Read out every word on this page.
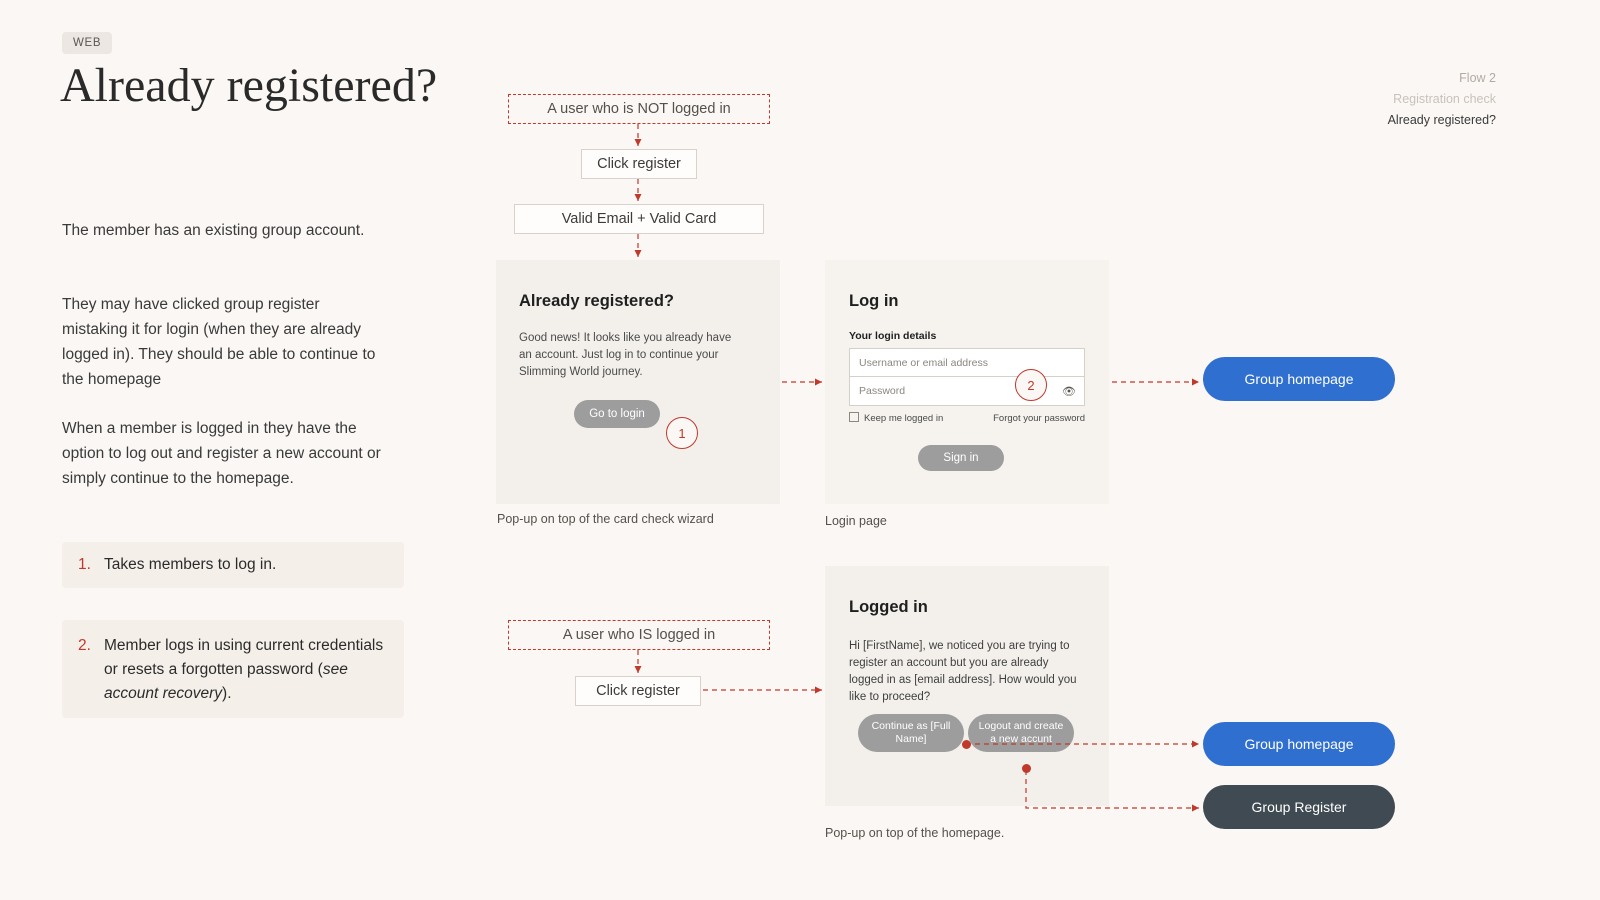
WEB
Already registered?
The member has an existing group account.
They may have clicked group register mistaking it for login (when they are already logged in). They should be able to continue to the homepage
When a member is logged in they have the option to log out and register a new account or simply continue to the homepage.
1. Takes members to log in.
2. Member logs in using current credentials or resets a forgotten password (see account recovery).
Flow 2
Registration check
Already registered?
A user who is NOT logged in
Click register
Valid Email + Valid Card
Already registered?
Good news! It looks like you already have an account. Just log in to continue your Slimming World journey.
Go to login
Pop-up on top of the card check wizard
1
Log in
Your login details
Username or email address
Password	👁
Keep me logged in	Forgot your password
Sign in
Login page
2	Group homepage
A user who IS logged in
Click register
Logged in
Hi [FirstName], we noticed you are trying to register an account but you are already logged in as [email address]. How would you like to proceed?
Continue as [Full Name]
Logout and create a new accunt
Pop-up on top of the homepage.
Group homepage
Group Register
